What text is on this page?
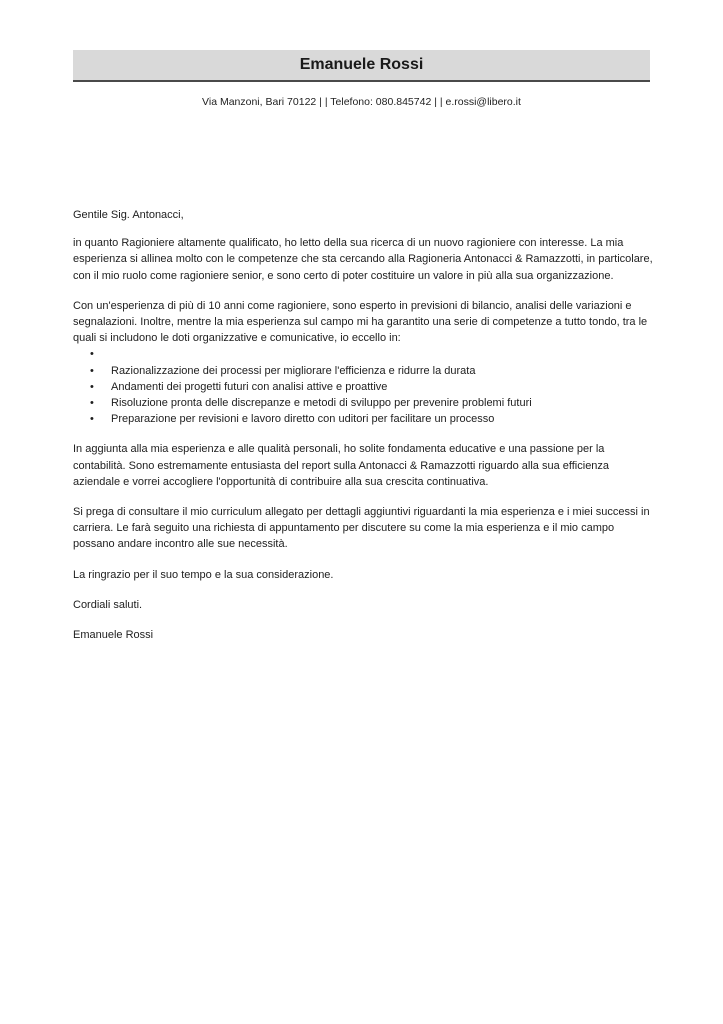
Emanuele Rossi
Via Manzoni, Bari 70122 | | Telefono: 080.845742 | | e.rossi@libero.it

Gentile Sig. Antonacci,

in quanto Ragioniere altamente qualificato, ho letto della sua ricerca di un nuovo ragioniere con interesse. La mia esperienza si allinea molto con le competenze che sta cercando alla Ragioneria Antonacci & Ramazzotti, in particolare, con il mio ruolo come ragioniere senior, e sono certo di poter costituire un valore in più alla sua organizzazione.

Con un'esperienza di più di 10 anni come ragioniere, sono esperto in previsioni di bilancio, analisi delle variazioni e segnalazioni. Inoltre, mentre la mia esperienza sul campo mi ha garantito una serie di competenze a tutto tondo, tra le quali si includono le doti organizzative e comunicative, io eccello in:

•
• Razionalizzazione dei processi per migliorare l'efficienza e ridurre la durata
• Andamenti dei progetti futuri con analisi attive e proattive
• Risoluzione pronta delle discrepanze e metodi di sviluppo per prevenire problemi futuri
• Preparazione per revisioni e lavoro diretto con uditori per facilitare un processo

In aggiunta alla mia esperienza e alle qualità personali, ho solite fondamenta educative e una passione per la contabilità. Sono estremamente entusiasta del report sulla Antonacci & Ramazzotti riguardo alla sua efficienza aziendale e vorrei accogliere l'opportunità di contribuire alla sua crescita continuativa.

Si prega di consultare il mio curriculum allegato per dettagli aggiuntivi riguardanti la mia esperienza e i miei successi in carriera. Le farà seguito una richiesta di appuntamento per discutere su come la mia esperienza e il mio campo possano andare incontro alle sue necessità.

La ringrazio per il suo tempo e la sua considerazione.

Cordiali saluti.

Emanuele Rossi
